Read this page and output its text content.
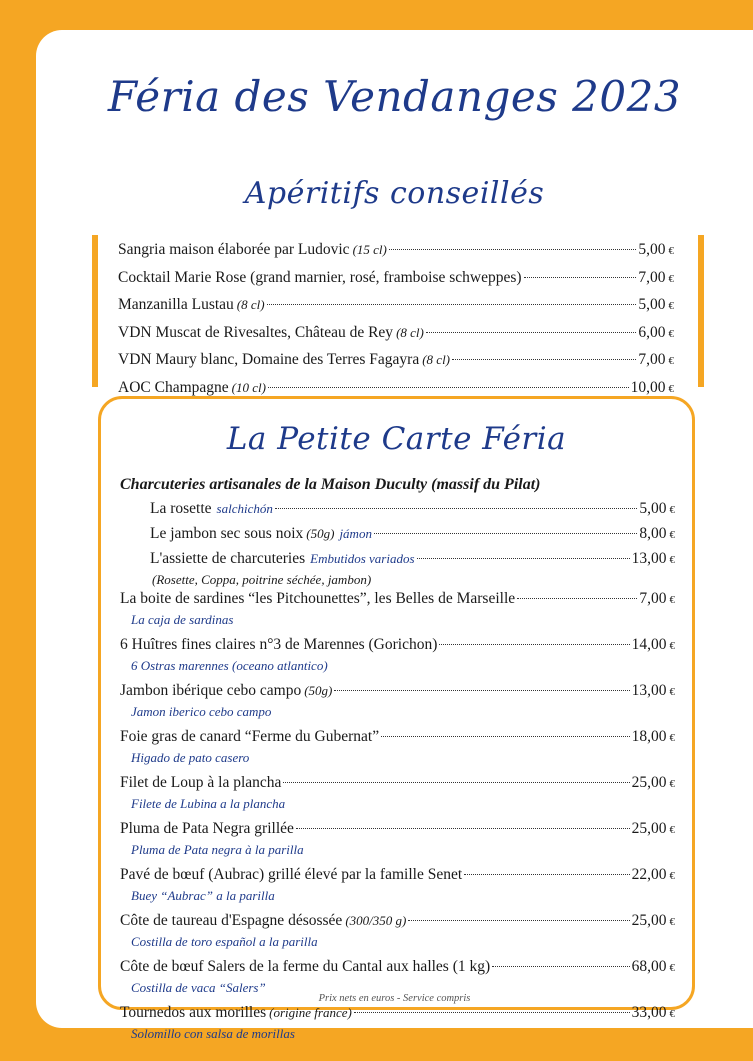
Féria des Vendanges 2023
Apéritifs conseillés
Sangria maison élaborée par Ludovic (15 cl)	5,00 €
Cocktail Marie Rose (grand marnier, rosé, framboise schweppes)	7,00 €
Manzanilla Lustau (8 cl)	5,00 €
VDN Muscat de Rivesaltes, Château de Rey (8 cl)	6,00 €
VDN Maury blanc, Domaine des Terres Fagayra (8 cl)	7,00 €
AOC Champagne (10 cl)	10,00 €
La Petite Carte Féria
Charcuteries artisanales de la Maison Duculty (massif du Pilat)
La rosette salchichón	5,00 €
Le jambon sec sous noix (50g) jámon	8,00 €
L'assiette de charcuteries Embutidos variados	13,00 €
(Rosette, Coppa, poitrine séchée, jambon)
La boite de sardines “les Pitchounettes”, les Belles de Marseille	7,00 €
La caja de sardinas
6 Huîtres fines claires n°3 de Marennes (Gorichon)	14,00 €
6 Ostras marennes (oceano atlantico)
Jambon ibérique cebo campo (50g)	13,00 €
Jamon iberico cebo campo
Foie gras de canard “Ferme du Gubernat”	18,00 €
Higado de pato casero
Filet de Loup à la plancha	25,00 €
Filete de Lubina a la plancha
Pluma de Pata Negra grillée	25,00 €
Pluma de Pata negra à la parilla
Pavé de bœuf (Aubrac) grillé élevé par la famille Senet	22,00 €
Buey “Aubrac” a la parilla
Côte de taureau d'Espagne désossée (300/350 g)	25,00 €
Costilla de toro español a la parilla
Côte de bœuf Salers de la ferme du Cantal aux halles (1 kg)	68,00 €
Costilla de vaca “Salers”
Tournedos aux morilles (origine france)	33,00 €
Solomillo con salsa de morillas
Prix nets en euros - Service compris
